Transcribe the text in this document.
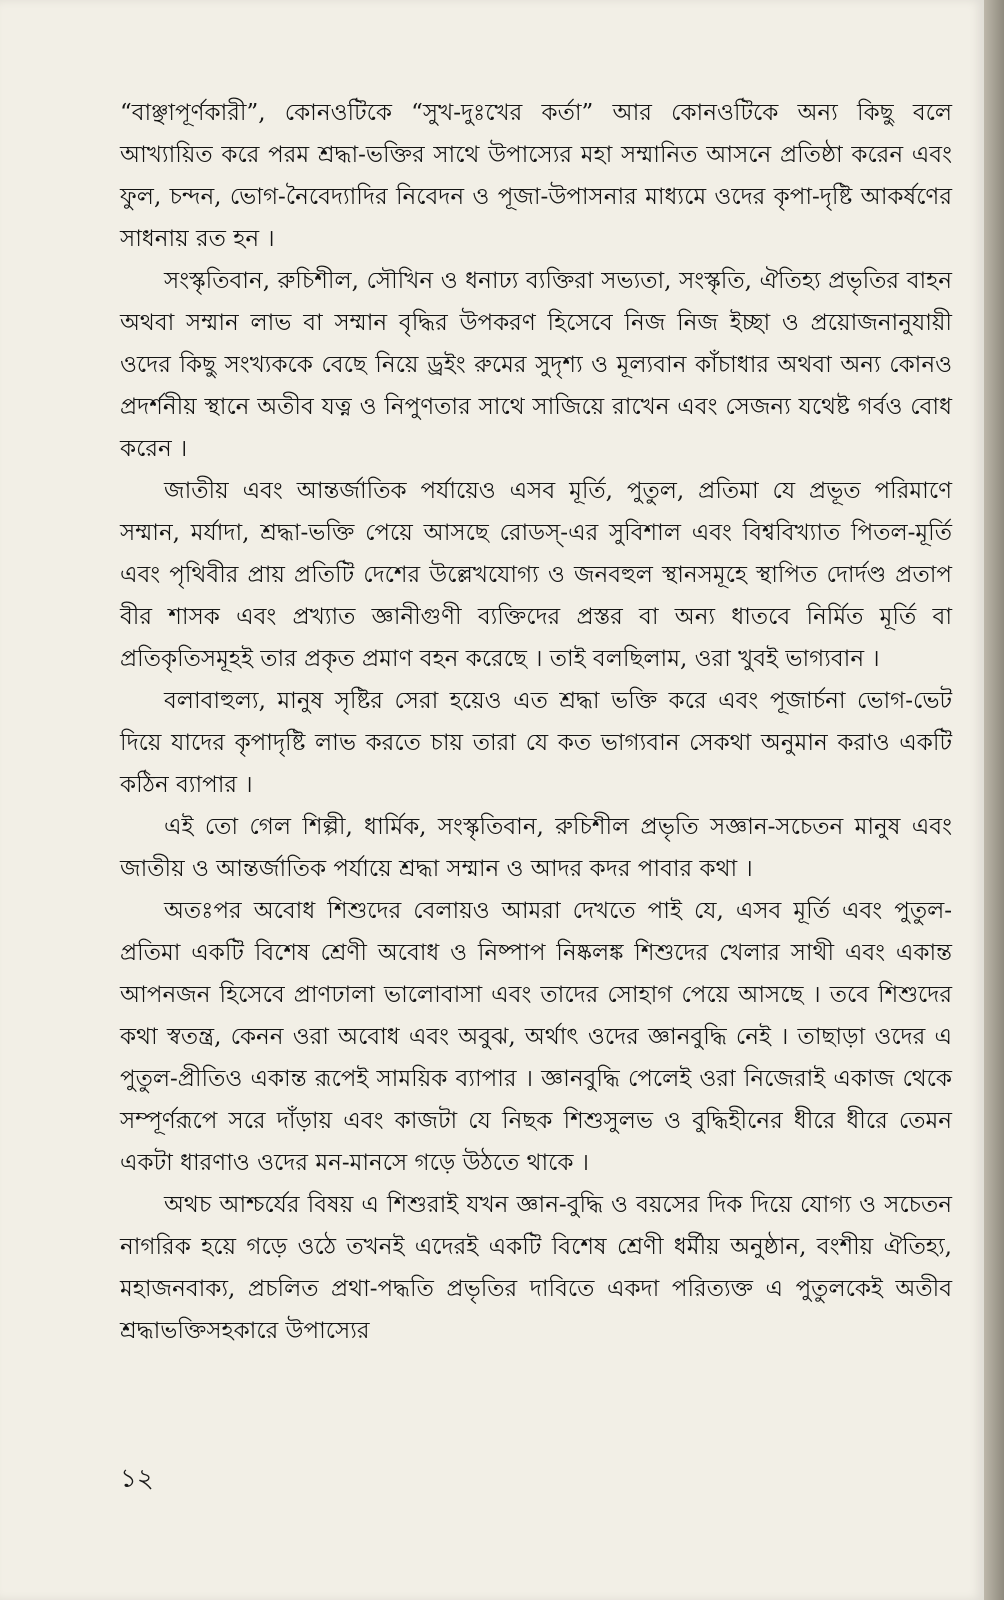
“বাঞ্ছাপূর্ণকারী”, কোনওটিকে “সুখ-দুঃখের কর্তা” আর কোনওটিকে অন্য কিছু বলে আখ্যায়িত করে পরম শ্রদ্ধা-ভক্তির সাথে উপাস্যের মহা সম্মানিত আসনে প্রতিষ্ঠা করেন এবং ফুল, চন্দন, ভোগ-নৈবেদ্যাদির নিবেদন ও পূজা-উপাসনার মাধ্যমে ওদের কৃপা-দৃষ্টি আকর্ষণের সাধনায় রত হন ।

সংস্কৃতিবান, রুচিশীল, সৌখিন ও ধনাঢ্য ব্যক্তিরা সভ্যতা, সংস্কৃতি, ঐতিহ্য প্রভৃতির বাহন অথবা সম্মান লাভ বা সম্মান বৃদ্ধির উপকরণ হিসেবে নিজ নিজ ইচ্ছা ও প্রয়োজনানুযায়ী ওদের কিছু সংখ্যককে বেছে নিয়ে ড্রইং রুমের সুদৃশ্য ও মূল্যবান কাঁচাধার অথবা অন্য কোনও প্রদর্শনীয় স্থানে অতীব যত্ন ও নিপুণতার সাথে সাজিয়ে রাখেন এবং সেজন্য যথেষ্ট গর্বও বোধ করেন ।

জাতীয় এবং আন্তর্জাতিক পর্যায়েও এসব মূর্তি, পুতুল, প্রতিমা যে প্রভূত পরিমাণে সম্মান, মর্যাদা, শ্রদ্ধা-ভক্তি পেয়ে আসছে রোডস্-এর সুবিশাল এবং বিশ্ববিখ্যাত পিতল-মূর্তি এবং পৃথিবীর প্রায় প্রতিটি দেশের উল্লেখযোগ্য ও জনবহুল স্থানসমূহে স্থাপিত দোর্দণ্ড প্রতাপ বীর শাসক এবং প্রখ্যাত জ্ঞানীগুণী ব্যক্তিদের প্রস্তর বা অন্য ধাতবে নির্মিত মূর্তি বা প্রতিকৃতিসমূহই তার প্রকৃত প্রমাণ বহন করেছে । তাই বলছিলাম, ওরা খুবই ভাগ্যবান ।

বলাবাহুল্য, মানুষ সৃষ্টির সেরা হয়েও এত শ্রদ্ধা ভক্তি করে এবং পূজার্চনা ভোগ-ভেট দিয়ে যাদের কৃপাদৃষ্টি লাভ করতে চায় তারা যে কত ভাগ্যবান সেকথা অনুমান করাও একটি কঠিন ব্যাপার ।

এই তো গেল শিল্পী, ধার্মিক, সংস্কৃতিবান, রুচিশীল প্রভৃতি সজ্ঞান-সচেতন মানুষ এবং জাতীয় ও আন্তর্জাতিক পর্যায়ে শ্রদ্ধা সম্মান ও আদর কদর পাবার কথা ।

অতঃপর অবোধ শিশুদের বেলায়ও আমরা দেখতে পাই যে, এসব মূর্তি এবং পুতুল-প্রতিমা একটি বিশেষ শ্রেণী অবোধ ও নিষ্পাপ নিষ্কলঙ্ক শিশুদের খেলার সাথী এবং একান্ত আপনজন হিসেবে প্রাণঢালা ভালোবাসা এবং তাদের সোহাগ পেয়ে আসছে । তবে শিশুদের কথা স্বতন্ত্র, কেনন ওরা অবোধ এবং অবুঝ, অর্থাৎ ওদের জ্ঞানবুদ্ধি নেই । তাছাড়া ওদের এ পুতুল-প্রীতিও একান্ত রূপেই সাময়িক ব্যাপার । জ্ঞানবুদ্ধি পেলেই ওরা নিজেরাই একাজ থেকে সম্পূর্ণরূপে সরে দাঁড়ায় এবং কাজটা যে নিছক শিশুসুলভ ও বুদ্ধিহীনের ধীরে ধীরে তেমন একটা ধারণাও ওদের মন-মানসে গড়ে উঠতে থাকে ।

অথচ আশ্চর্যের বিষয় এ শিশুরাই যখন জ্ঞান-বুদ্ধি ও বয়সের দিক দিয়ে যোগ্য ও সচেতন নাগরিক হয়ে গড়ে ওঠে তখনই এদেরই একটি বিশেষ শ্রেণী ধর্মীয় অনুষ্ঠান, বংশীয় ঐতিহ্য, মহাজনবাক্য, প্রচলিত প্রথা-পদ্ধতি প্রভৃতির দাবিতে একদা পরিত্যক্ত এ পুতুলকেই অতীব শ্রদ্ধাভক্তিসহকারে উপাস্যের

১২
